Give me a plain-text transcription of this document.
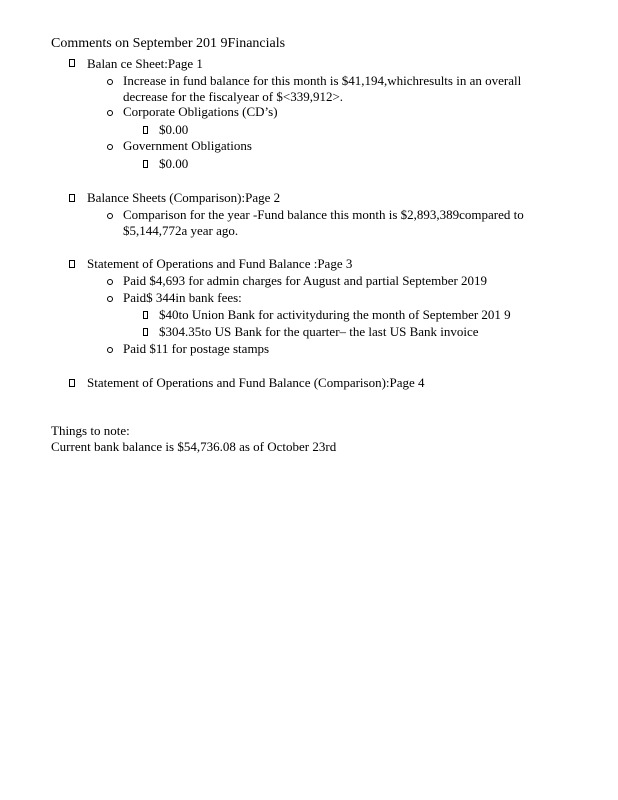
Comments on September 201 9Financials
Balan ce Sheet:Page 1
Increase in fund balance for this month is $41,194,whichresults in an overall
decrease for the fiscalyear of $<339,912>.
Corporate Obligations (CD’s)
$0.00
Government Obligations
$0.00
Balance Sheets (Comparison):Page 2
Comparison for the year -Fund balance this month is $2,893,389compared to
$5,144,772a year ago.
Statement of Operations and Fund Balance :Page 3
Paid $4,693 for admin charges for August and partial September 2019
Paid$ 344in bank fees:
$40to Union Bank for activityduring the month of September 201 9
$304.35to US Bank for the quarter– the last US Bank invoice
Paid $11 for postage stamps
Statement of Operations and Fund Balance (Comparison):Page 4
Things to note:
Current bank balance is $54,736.08 as of October 23rd
